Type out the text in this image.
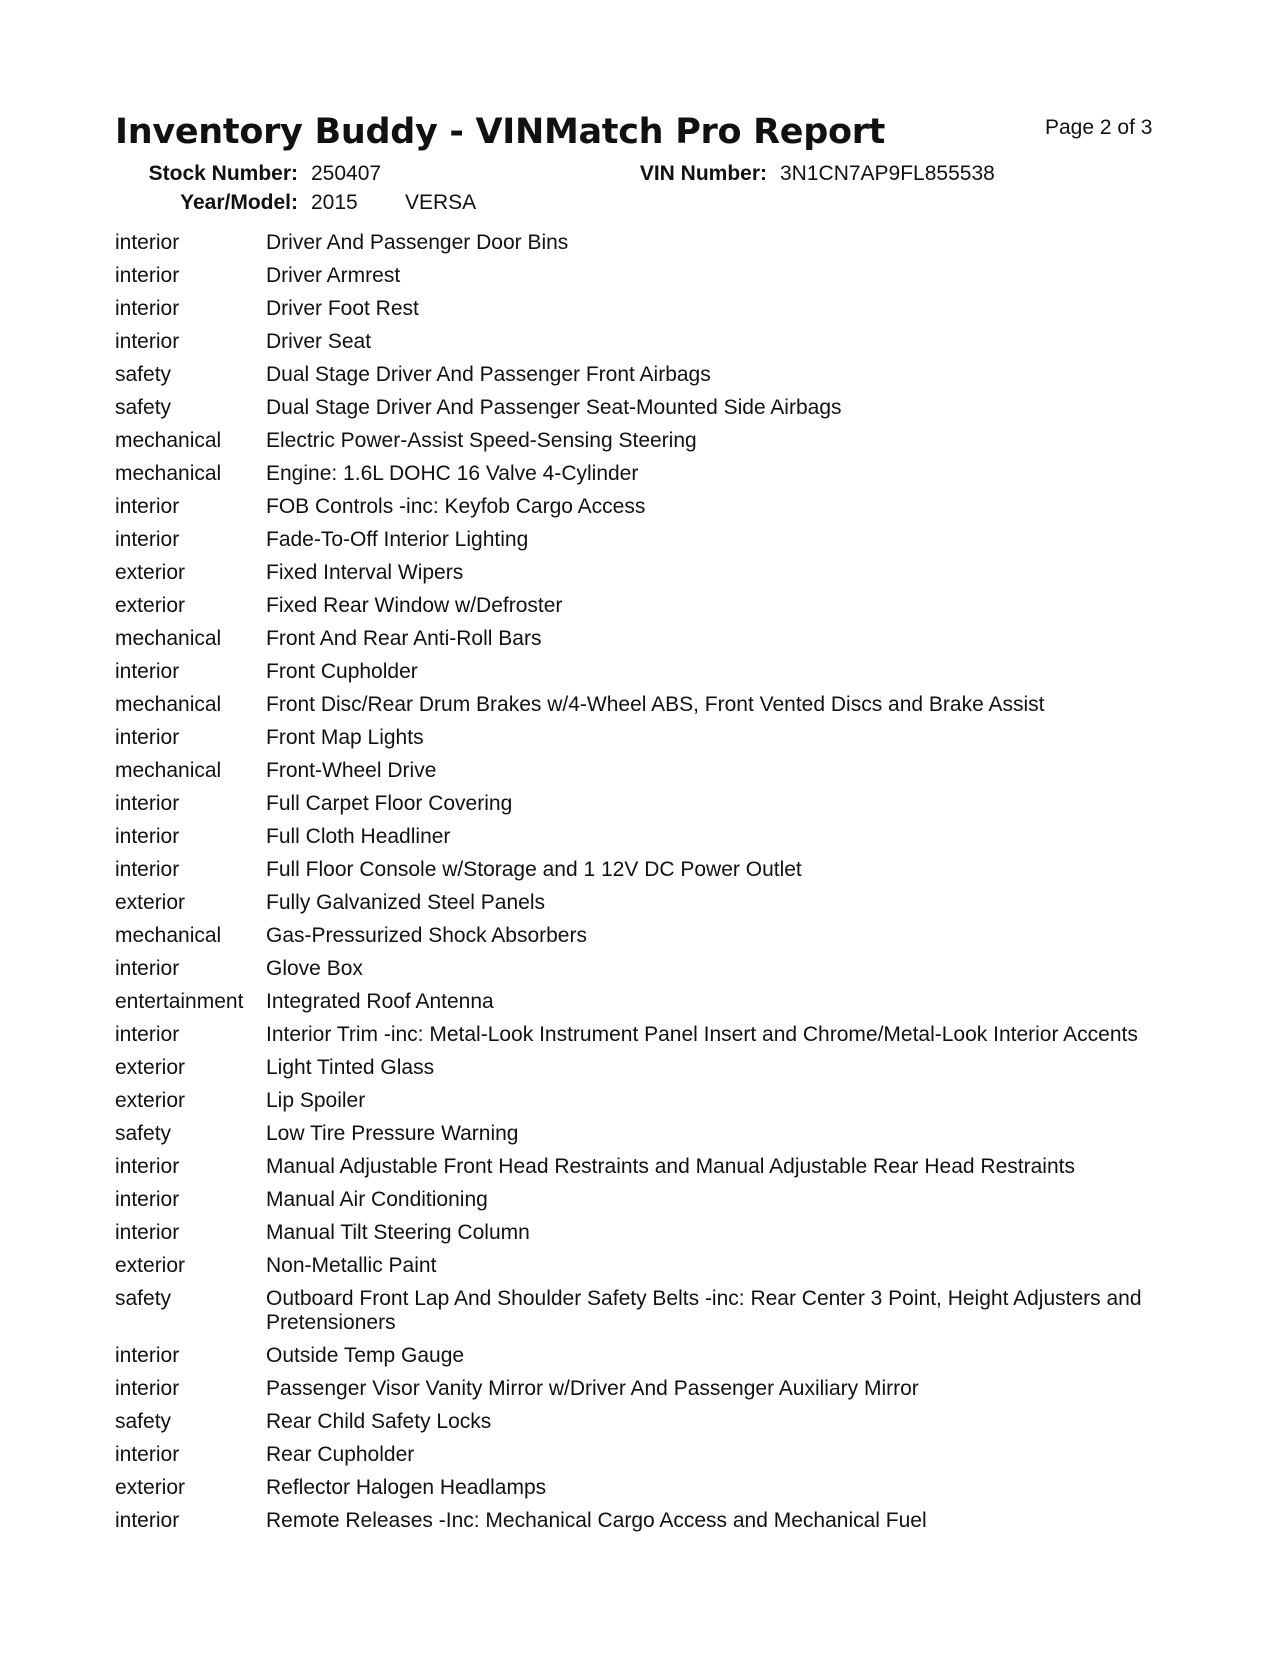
Inventory Buddy - VINMatch Pro Report	Page 2 of 3
Stock Number: 250407	VIN Number: 3N1CN7AP9FL855538
Year/Model: 2015 VERSA
interior	Driver And Passenger Door Bins
interior	Driver Armrest
interior	Driver Foot Rest
interior	Driver Seat
safety	Dual Stage Driver And Passenger Front Airbags
safety	Dual Stage Driver And Passenger Seat-Mounted Side Airbags
mechanical	Electric Power-Assist Speed-Sensing Steering
mechanical	Engine: 1.6L DOHC 16 Valve 4-Cylinder
interior	FOB Controls -inc: Keyfob Cargo Access
interior	Fade-To-Off Interior Lighting
exterior	Fixed Interval Wipers
exterior	Fixed Rear Window w/Defroster
mechanical	Front And Rear Anti-Roll Bars
interior	Front Cupholder
mechanical	Front Disc/Rear Drum Brakes w/4-Wheel ABS, Front Vented Discs and Brake Assist
interior	Front Map Lights
mechanical	Front-Wheel Drive
interior	Full Carpet Floor Covering
interior	Full Cloth Headliner
interior	Full Floor Console w/Storage and 1 12V DC Power Outlet
exterior	Fully Galvanized Steel Panels
mechanical	Gas-Pressurized Shock Absorbers
interior	Glove Box
entertainment	Integrated Roof Antenna
interior	Interior Trim -inc: Metal-Look Instrument Panel Insert and Chrome/Metal-Look Interior Accents
exterior	Light Tinted Glass
exterior	Lip Spoiler
safety	Low Tire Pressure Warning
interior	Manual Adjustable Front Head Restraints and Manual Adjustable Rear Head Restraints
interior	Manual Air Conditioning
interior	Manual Tilt Steering Column
exterior	Non-Metallic Paint
safety	Outboard Front Lap And Shoulder Safety Belts -inc: Rear Center 3 Point, Height Adjusters and Pretensioners
interior	Outside Temp Gauge
interior	Passenger Visor Vanity Mirror w/Driver And Passenger Auxiliary Mirror
safety	Rear Child Safety Locks
interior	Rear Cupholder
exterior	Reflector Halogen Headlamps
interior	Remote Releases -Inc: Mechanical Cargo Access and Mechanical Fuel
